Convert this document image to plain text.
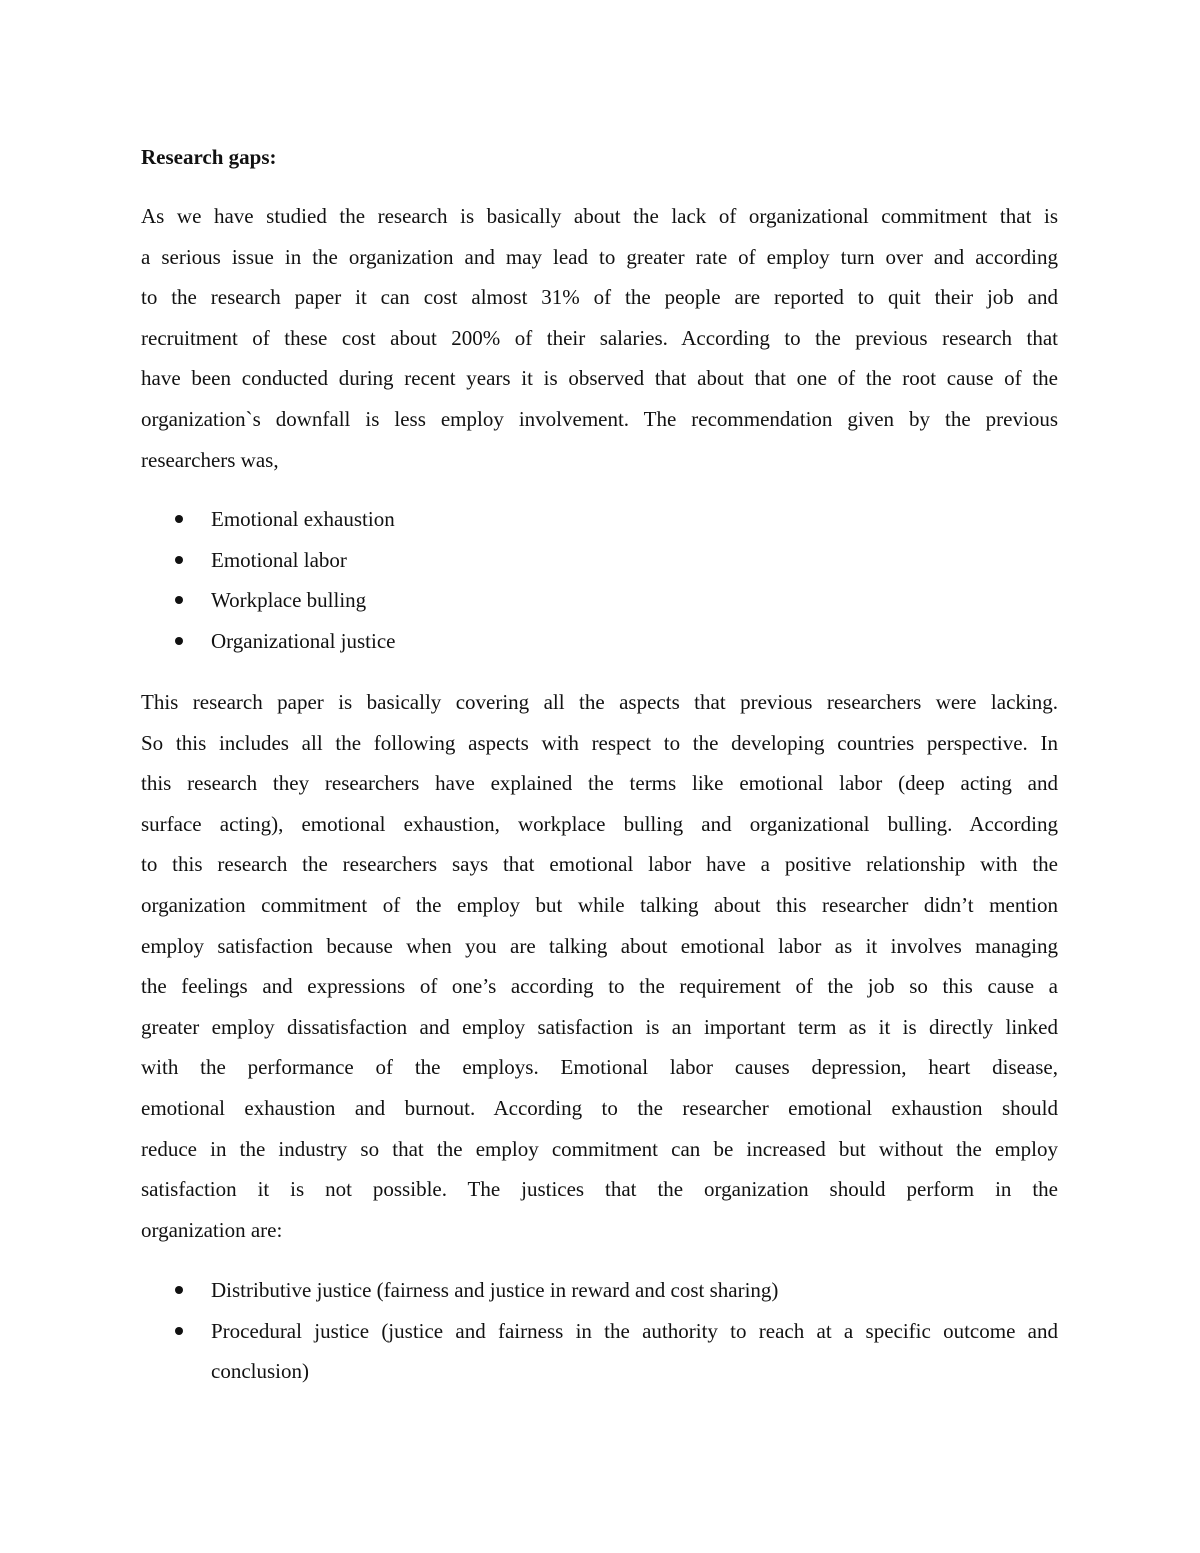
Research gaps:
As we have studied the research is basically about the lack of organizational commitment that is
a serious issue in the organization and may lead to greater rate of employ turn over and according
to the research paper it can cost almost 31% of the people are reported to quit their job and
recruitment of these cost about 200% of their salaries. According to the previous research that
have been conducted during recent years it is observed that about that one of the root cause of the
organization`s downfall is less employ involvement. The recommendation given by the previous
researchers was,
Emotional exhaustion
Emotional labor
Workplace bulling
Organizational justice
This research paper is basically covering all the aspects that previous researchers were lacking.
So this includes all the following aspects with respect to the developing countries perspective. In
this research they researchers have explained the terms like emotional labor (deep acting and
surface acting), emotional exhaustion, workplace bulling and organizational bulling. According
to this research the researchers says that emotional labor have a positive relationship with the
organization commitment of the employ but while talking about this researcher didn’t mention
employ satisfaction because when you are talking about emotional labor as it involves managing
the feelings and expressions of one’s according to the requirement of the job so this cause a
greater employ dissatisfaction and employ satisfaction is an important term as it is directly linked
with the performance of the employs. Emotional labor causes depression, heart disease,
emotional exhaustion and burnout. According to the researcher emotional exhaustion should
reduce in the industry so that the employ commitment can be increased but without the employ
satisfaction it is not possible. The justices that the organization should perform in the
organization are:
Distributive justice (fairness and justice in reward and cost sharing)
Procedural justice (justice and fairness in the authority to reach at a specific outcome and
conclusion)
